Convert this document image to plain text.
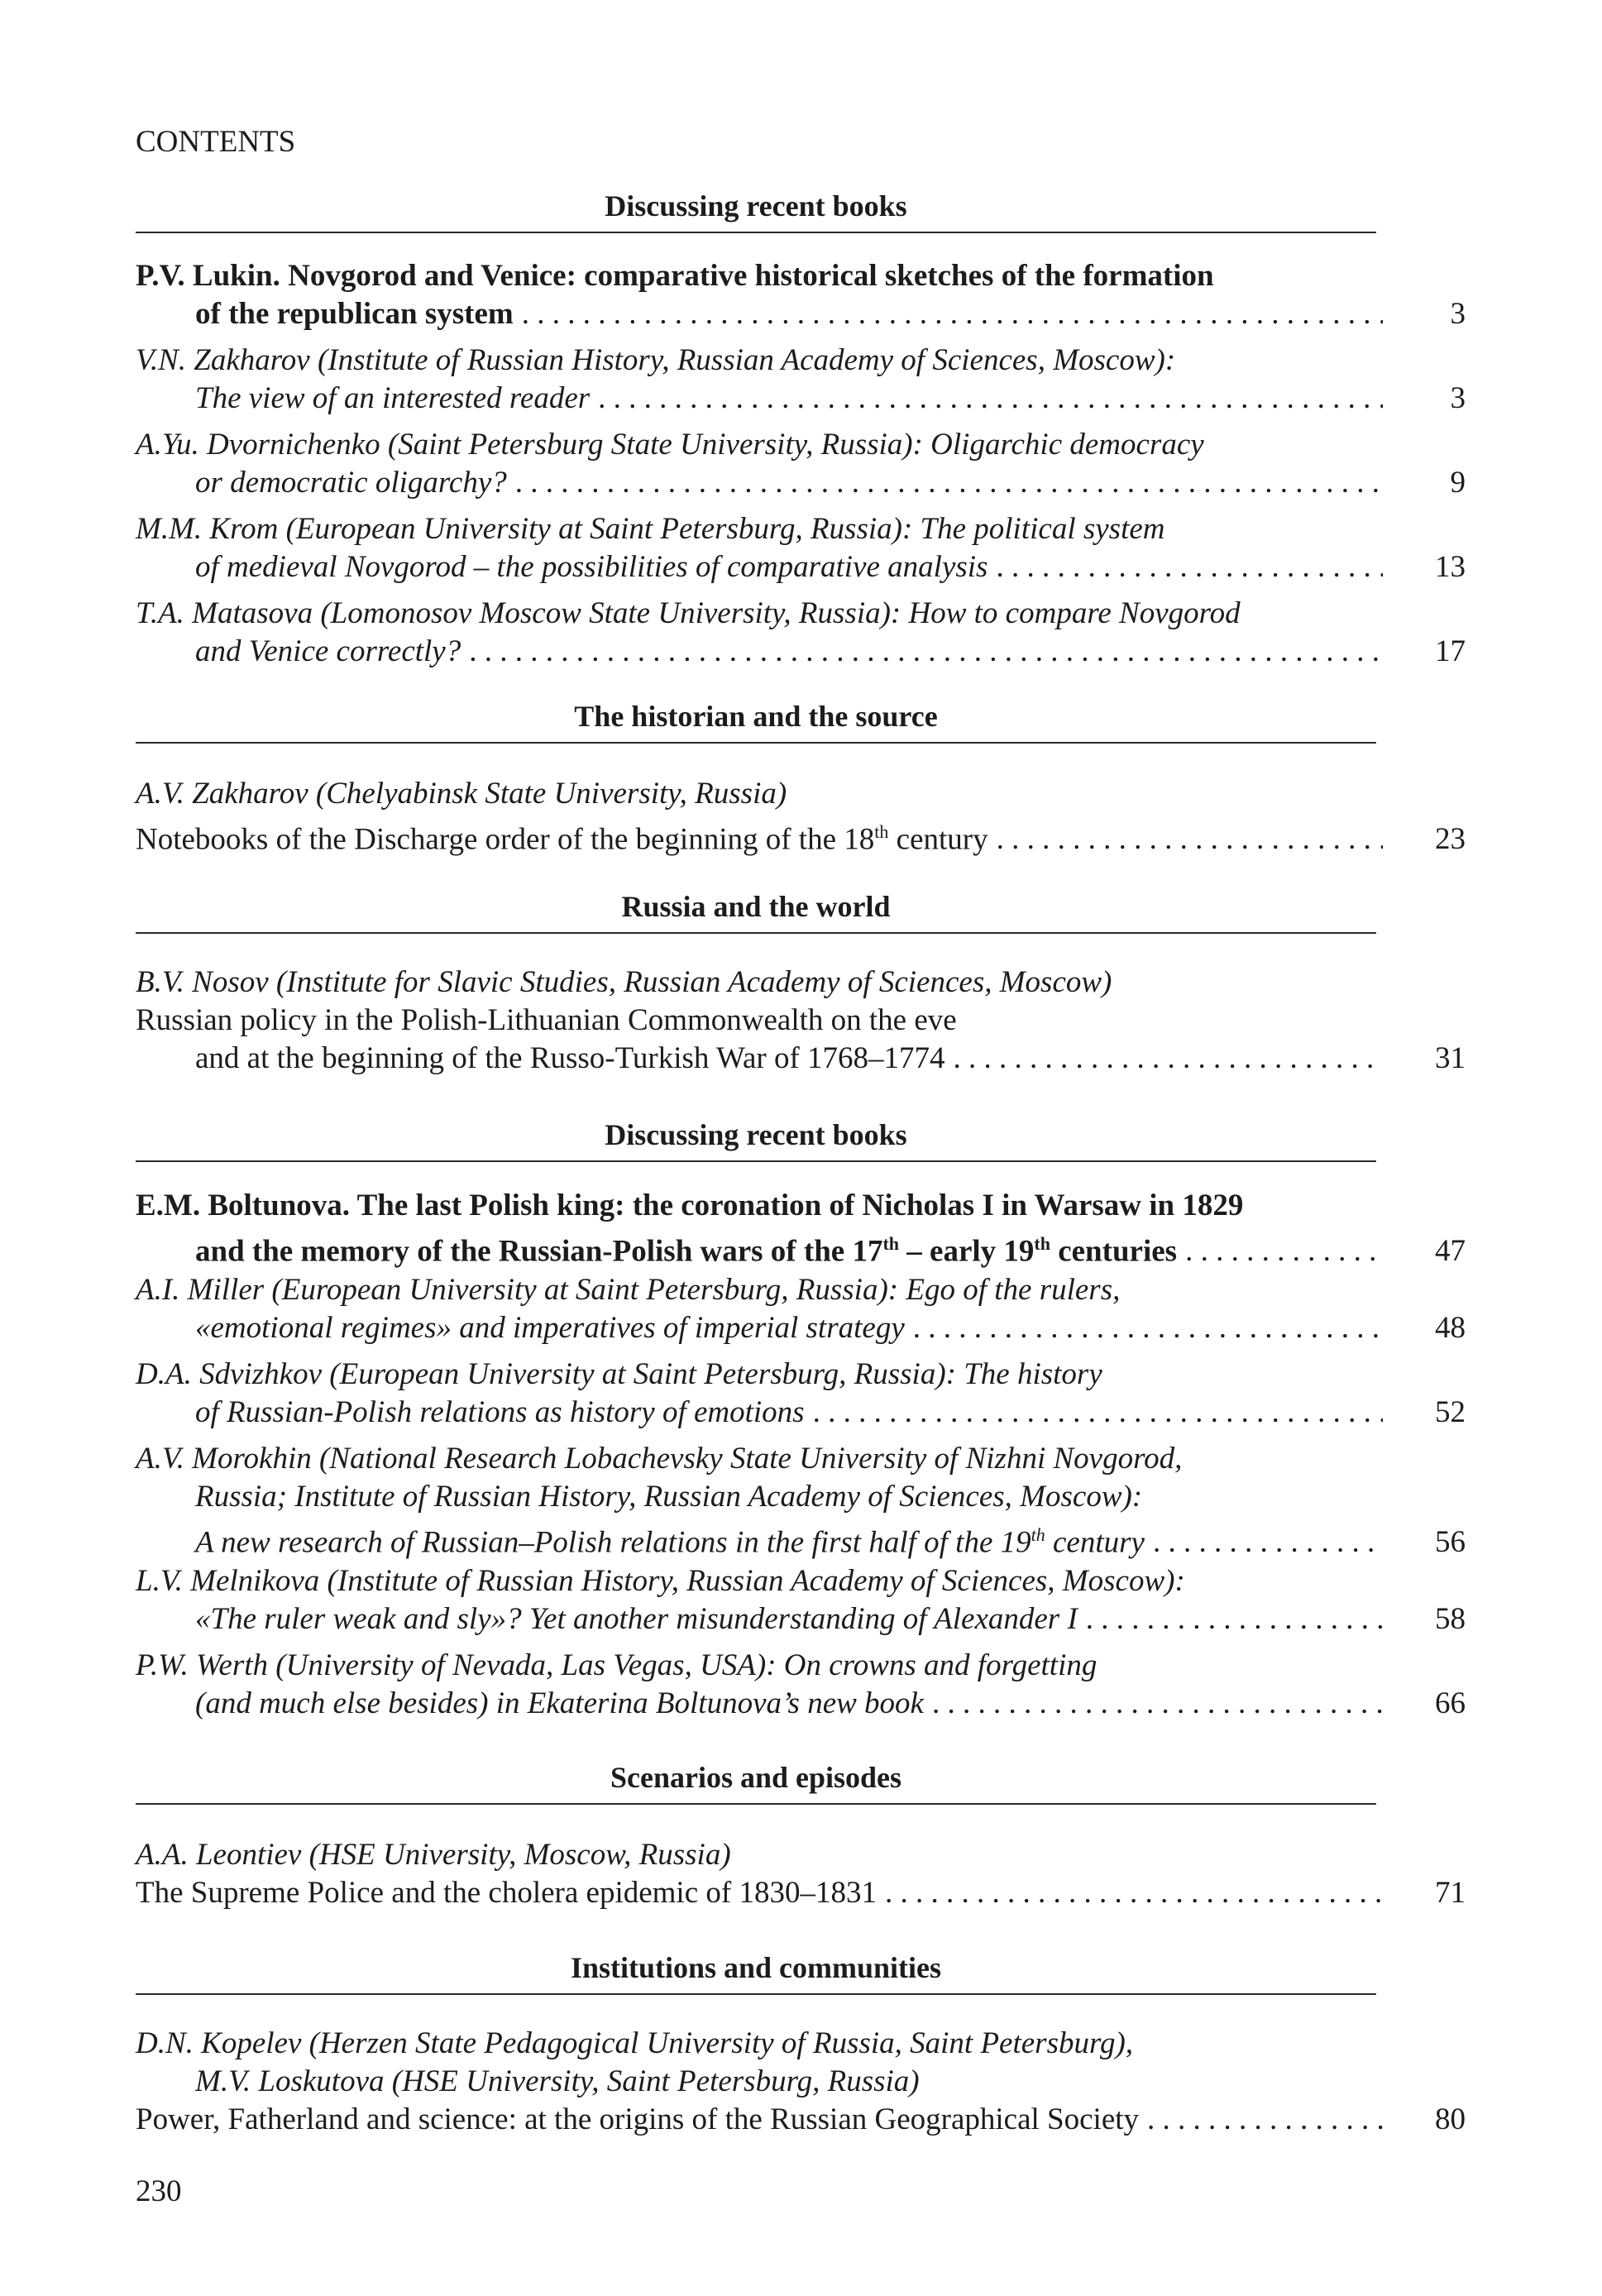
CONTENTS
Discussing recent books
P.V. Lukin. Novgorod and Venice: comparative historical sketches of the formation
of the republican system . . .	3
V.N. Zakharov (Institute of Russian History, Russian Academy of Sciences, Moscow):
The view of an interested reader . . .	3
A.Yu. Dvornichenko (Saint Petersburg State University, Russia): Oligarchic democracy
or democratic oligarchy? . . .	9
M.M. Krom (European University at Saint Petersburg, Russia): The political system
of medieval Novgorod – the possibilities of comparative analysis . . .	13
T.A. Matasova (Lomonosov Moscow State University, Russia): How to compare Novgorod
and Venice correctly? . . .	17
The historian and the source
A.V. Zakharov (Chelyabinsk State University, Russia)
Notebooks of the Discharge order of the beginning of the 18th century . . .	23
Russia and the world
B.V. Nosov (Institute for Slavic Studies, Russian Academy of Sciences, Moscow)
Russian policy in the Polish-Lithuanian Commonwealth on the eve
and at the beginning of the Russo-Turkish War of 1768–1774 . . .	31
Discussing recent books
E.M. Boltunova. The last Polish king: the coronation of Nicholas I in Warsaw in 1829
and the memory of the Russian-Polish wars of the 17th – early 19th centuries . . .	47
A.I. Miller (European University at Saint Petersburg, Russia): Ego of the rulers,
«emotional regimes» and imperatives of imperial strategy . . .	48
D.A. Sdvizhkov (European University at Saint Petersburg, Russia): The history
of Russian-Polish relations as history of emotions . . .	52
A.V. Morokhin (National Research Lobachevsky State University of Nizhni Novgorod,
Russia; Institute of Russian History, Russian Academy of Sciences, Moscow):
A new research of Russian–Polish relations in the first half of the 19th century . . .	56
L.V. Melnikova (Institute of Russian History, Russian Academy of Sciences, Moscow):
«The ruler weak and sly»? Yet another misunderstanding of Alexander I . . .	58
P.W. Werth (University of Nevada, Las Vegas, USA): On crowns and forgetting
(and much else besides) in Ekaterina Boltunova’s new book . . .	66
Scenarios and episodes
A.A. Leontiev (HSE University, Moscow, Russia)
The Supreme Police and the cholera epidemic of 1830–1831 . . .	71
Institutions and communities
D.N. Kopelev (Herzen State Pedagogical University of Russia, Saint Petersburg),
M.V. Loskutova (HSE University, Saint Petersburg, Russia)
Power, Fatherland and science: at the origins of the Russian Geographical Society . . .	80
230
